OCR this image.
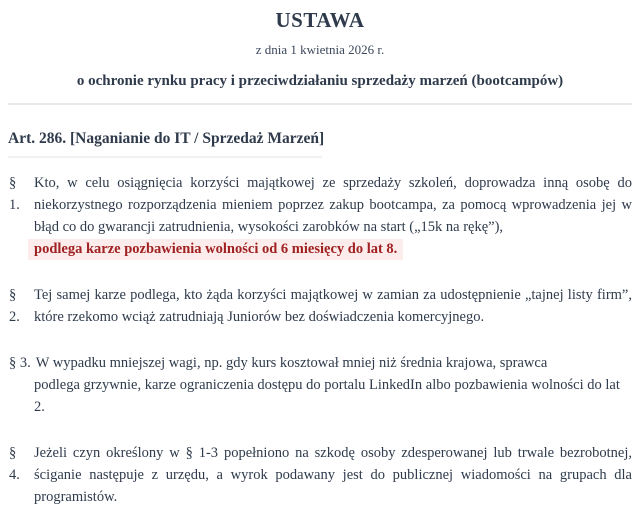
USTAWA
z dnia 1 kwietnia 2026 r.
o ochronie rynku pracy i przeciwdziałaniu sprzedaży marzeń (bootcampów)
Art. 286. [Naganianie do IT / Sprzedaż Marzeń]
§ 1.
Kto, w celu osiągnięcia korzyści majątkowej ze sprzedaży szkoleń, doprowadza inną osobę do niekorzystnego rozporządzenia mieniem poprzez zakup bootcampa, za pomocą wprowadzenia jej w błąd co do gwarancji zatrudnienia, wysokości zarobków na start („15k na rękę”),
podlega karze pozbawienia wolności od 6 miesięcy do lat 8.
§ 2.
Tej samej karze podlega, kto żąda korzyści majątkowej w zamian za udostępnienie „tajnej listy firm”, które rzekomo wciąż zatrudniają Juniorów bez doświadczenia komercyjnego.
§ 3. W wypadku mniejszej wagi, np. gdy kurs kosztował mniej niż średnia krajowa, sprawca
podlega grzywnie, karze ograniczenia dostępu do portalu LinkedIn albo pozbawienia wolności do lat 2.
§ 4.
Jeżeli czyn określony w § 1-3 popełniono na szkodę osoby zdesperowanej lub trwale bezrobotnej, ściganie następuje z urzędu, a wyrok podawany jest do publicznej wiadomości na grupach dla programistów.
